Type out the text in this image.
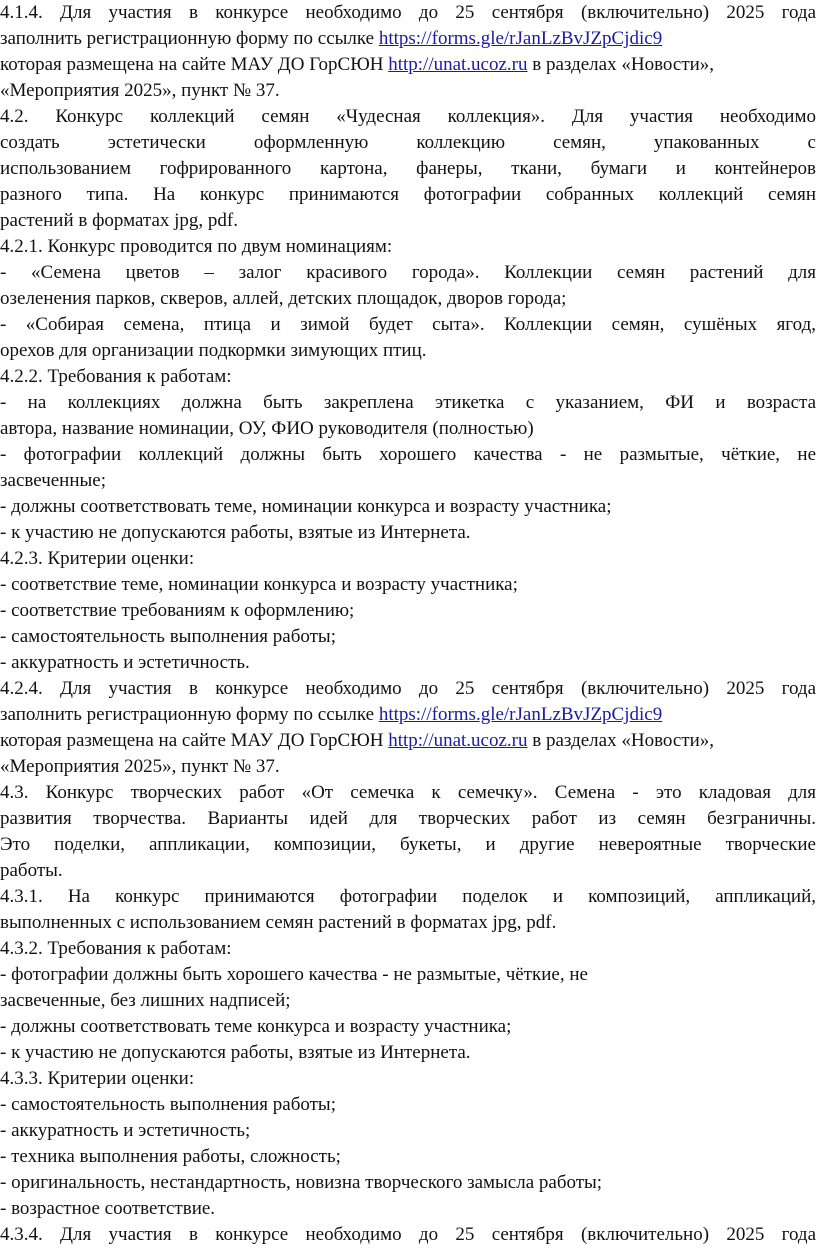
4.1.4. Для участия в конкурсе необходимо до 25 сентября (включительно) 2025 года
заполнить регистрационную форму по ссылке https://forms.gle/rJanLzBvJZpCjdic9
которая размещена на сайте МАУ ДО ГорСЮН http://unat.ucoz.ru в разделах «Новости»,
«Мероприятия 2025», пункт № 37.
4.2. Конкурс коллекций семян «Чудесная коллекция». Для участия необходимо
создать эстетически оформленную коллекцию семян, упакованных с
использованием гофрированного картона, фанеры, ткани, бумаги и контейнеров
разного типа. На конкурс принимаются фотографии собранных коллекций семян
растений в форматах jpg, pdf.
4.2.1. Конкурс проводится по двум номинациям:
- «Семена цветов – залог красивого города». Коллекции семян растений для
озеленения парков, скверов, аллей, детских площадок, дворов города;
- «Собирая семена, птица и зимой будет сыта». Коллекции семян, сушёных ягод,
орехов для организации подкормки зимующих птиц.
4.2.2. Требования к работам:
- на коллекциях должна быть закреплена этикетка с указанием, ФИ и возраста
автора, название номинации, ОУ, ФИО руководителя (полностью)
- фотографии коллекций должны быть хорошего качества - не размытые, чёткие, не
засвеченные;
- должны соответствовать теме, номинации конкурса и возрасту участника;
- к участию не допускаются работы, взятые из Интернета.
4.2.3. Критерии оценки:
- соответствие теме, номинации конкурса и возрасту участника;
- соответствие требованиям к оформлению;
- самостоятельность выполнения работы;
- аккуратность и эстетичность.
4.2.4. Для участия в конкурсе необходимо до 25 сентября (включительно) 2025 года
заполнить регистрационную форму по ссылке https://forms.gle/rJanLzBvJZpCjdic9
которая размещена на сайте МАУ ДО ГорСЮН http://unat.ucoz.ru в разделах «Новости»,
«Мероприятия 2025», пункт № 37.
4.3. Конкурс творческих работ «От семечка к семечку». Семена - это кладовая для
развития творчества. Варианты идей для творческих работ из семян безграничны.
Это поделки, аппликации, композиции, букеты, и другие невероятные творческие
работы.
4.3.1. На конкурс принимаются фотографии поделок и композиций, аппликаций,
выполненных с использованием семян растений в форматах jpg, pdf.
4.3.2. Требования к работам:
- фотографии должны быть хорошего качества - не размытые, чёткие, не
засвеченные, без лишних надписей;
- должны соответствовать теме конкурса и возрасту участника;
- к участию не допускаются работы, взятые из Интернета.
4.3.3. Критерии оценки:
- самостоятельность выполнения работы;
- аккуратность и эстетичность;
- техника выполнения работы, сложность;
- оригинальность, нестандартность, новизна творческого замысла работы;
- возрастное соответствие.
4.3.4. Для участия в конкурсе необходимо до 25 сентября (включительно) 2025 года
